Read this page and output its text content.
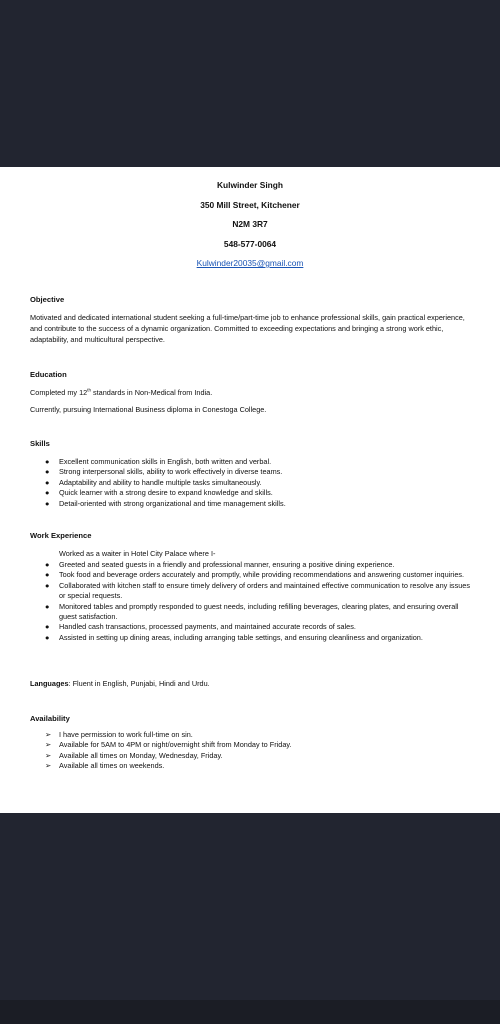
Kulwinder Singh
350 Mill Street, Kitchener
N2M 3R7
548-577-0064
Kulwinder20035@gmail.com
Objective
Motivated and dedicated international student seeking a full-time/part-time job to enhance professional skills, gain practical experience, and contribute to the success of a dynamic organization. Committed to exceeding expectations and bringing a strong work ethic, adaptability, and multicultural perspective.
Education
Completed my 12th standards in Non-Medical from India.
Currently, pursuing International Business diploma in Conestoga College.
Skills
● Excellent communication skills in English, both written and verbal.
● Strong interpersonal skills, ability to work effectively in diverse teams.
● Adaptability and ability to handle multiple tasks simultaneously.
● Quick learner with a strong desire to expand knowledge and skills.
● Detail-oriented with strong organizational and time management skills.
Work Experience
Worked as a waiter in Hotel City Palace where I-
● Greeted and seated guests in a friendly and professional manner, ensuring a positive dining experience.
● Took food and beverage orders accurately and promptly, while providing recommendations and answering customer inquiries.
● Collaborated with kitchen staff to ensure timely delivery of orders and maintained effective communication to resolve any issues or special requests.
● Monitored tables and promptly responded to guest needs, including refilling beverages, clearing plates, and ensuring overall guest satisfaction.
● Handled cash transactions, processed payments, and maintained accurate records of sales.
● Assisted in setting up dining areas, including arranging table settings, and ensuring cleanliness and organization.
Languages: Fluent in English, Punjabi, Hindi and Urdu.
Availability
➢ I have permission to work full-time on sin.
➢ Available for 5AM to 4PM or night/overnight shift from Monday to Friday.
➢ Available all times on Monday, Wednesday, Friday.
➢ Available all times on weekends.
